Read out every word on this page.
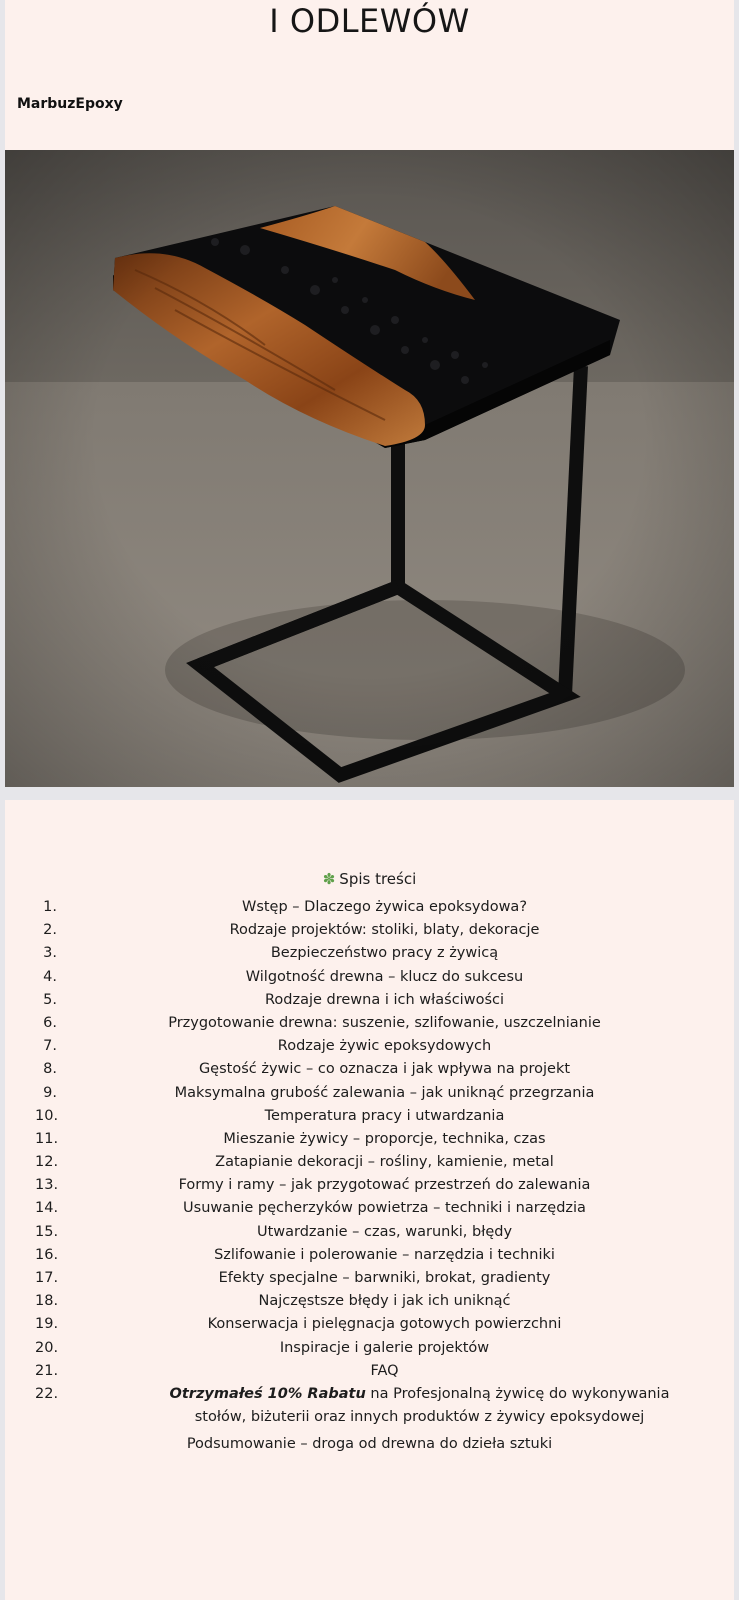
I ODLEWÓW
MarbuzEpoxy
✽ Spis treści
1.	Wstęp – Dlaczego żywica epoksydowa?
2.	Rodzaje projektów: stoliki, blaty, dekoracje
3.	Bezpieczeństwo pracy z żywicą
4.	Wilgotność drewna – klucz do sukcesu
5.	Rodzaje drewna i ich właściwości
6.	Przygotowanie drewna: suszenie, szlifowanie, uszczelnianie
7.	Rodzaje żywic epoksydowych
8.	Gęstość żywic – co oznacza i jak wpływa na projekt
9.	Maksymalna grubość zalewania – jak uniknąć przegrzania
10.	Temperatura pracy i utwardzania
11.	Mieszanie żywicy – proporcje, technika, czas
12.	Zatapianie dekoracji – rośliny, kamienie, metal
13.	Formy i ramy – jak przygotować przestrzeń do zalewania
14.	Usuwanie pęcherzyków powietrza – techniki i narzędzia
15.	Utwardzanie – czas, warunki, błędy
16.	Szlifowanie i polerowanie – narzędzia i techniki
17.	Efekty specjalne – barwniki, brokat, gradienty
18.	Najczęstsze błędy i jak ich uniknąć
19.	Konserwacja i pielęgnacja gotowych powierzchni
20.	Inspiracje i galerie projektów
21.	FAQ
22.	Otrzymałeś 10% Rabatu na Profesjonalną żywicę do wykonywania stołów, biżuterii oraz innych produktów z żywicy epoksydowej
Podsumowanie – droga od drewna do dzieła sztuki
